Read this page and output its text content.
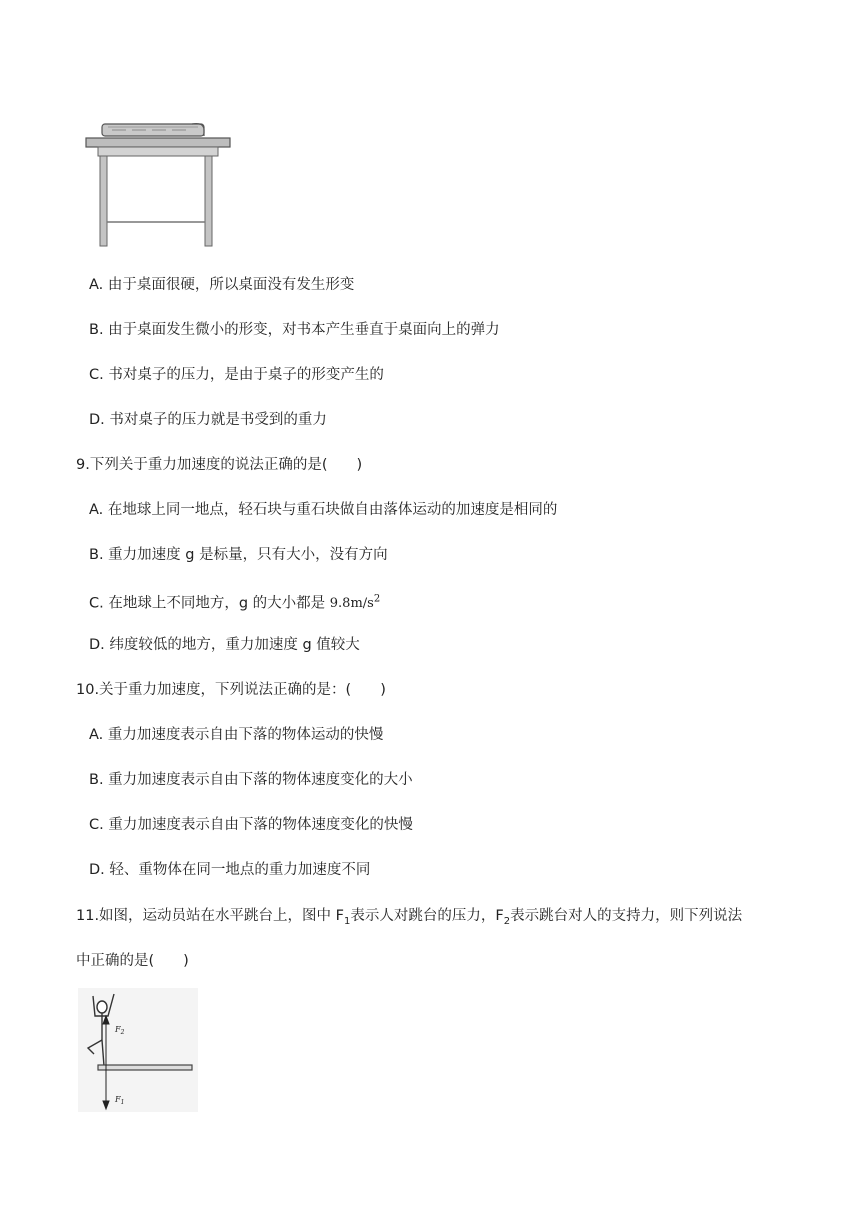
A. 由于桌面很硬，所以桌面没有发生形变
B. 由于桌面发生微小的形变，对书本产生垂直于桌面向上的弹力
C. 书对桌子的压力，是由于桌子的形变产生的
D. 书对桌子的压力就是书受到的重力
9.下列关于重力加速度的说法正确的是(　　)
A. 在地球上同一地点，轻石块与重石块做自由落体运动的加速度是相同的
B. 重力加速度 g 是标量，只有大小，没有方向
C. 在地球上不同地方，g 的大小都是 $9.8m/s^2$
D. 纬度较低的地方，重力加速度 g 值较大
10.关于重力加速度，下列说法正确的是：(　　)
A. 重力加速度表示自由下落的物体运动的快慢
B. 重力加速度表示自由下落的物体速度变化的大小
C. 重力加速度表示自由下落的物体速度变化的快慢
D. 轻、重物体在同一地点的重力加速度不同
11.如图，运动员站在水平跳台上，图中 $F_1$表示人对跳台的压力，$F_2$表示跳台对人的支持力，则下列说法
中正确的是(　　)
$F_2$
$F_1$
